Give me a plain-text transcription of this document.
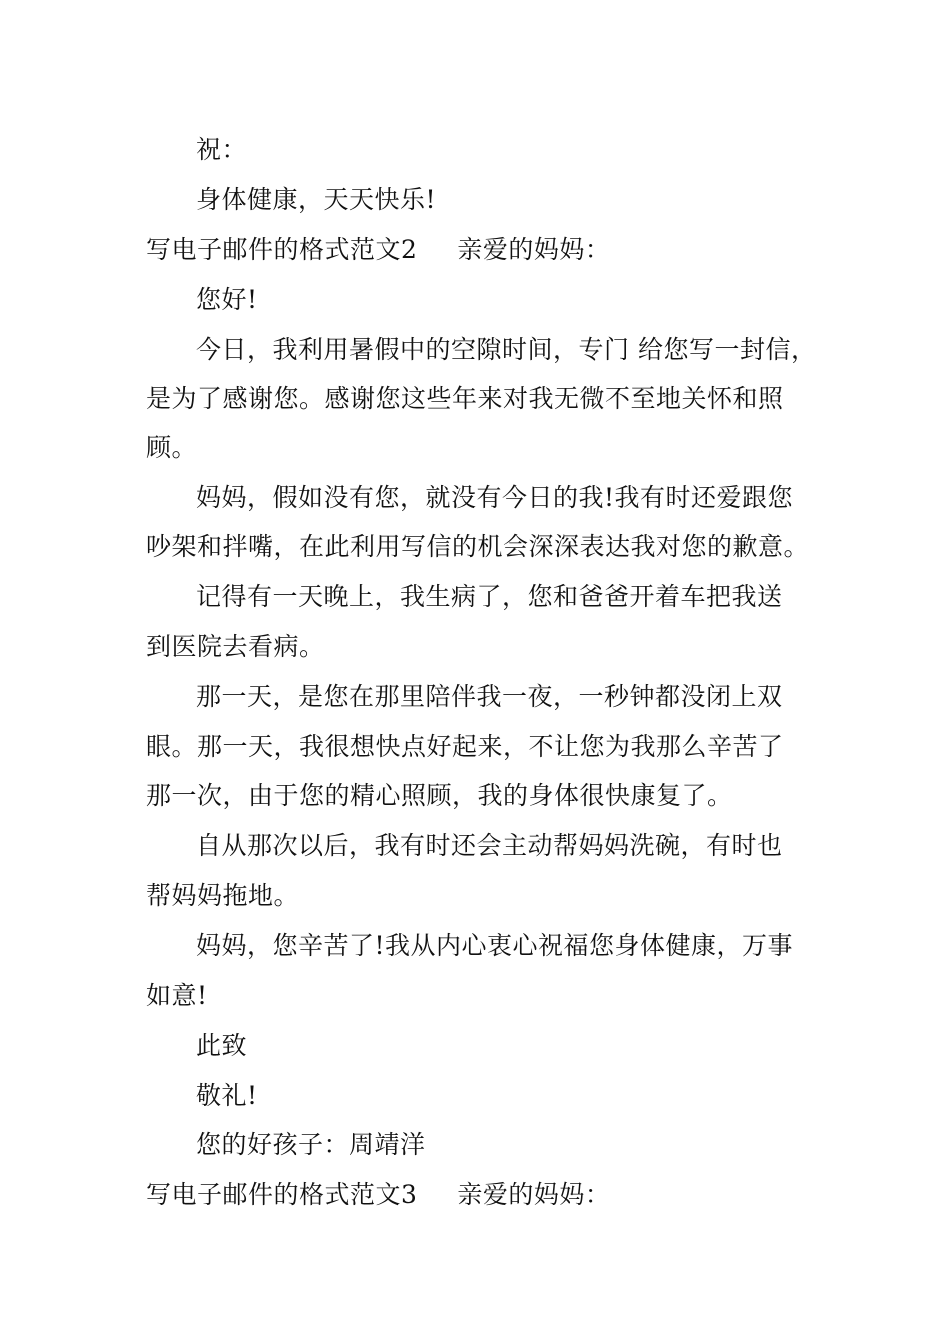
祝：
身体健康，天天快乐!
写电子邮件的格式范文2 亲爱的妈妈：
您好!
今日，我利用暑假中的空隙时间，专门 给您写一封信，
是为了感谢您。感谢您这些年来对我无微不至地关怀和照
顾。
妈妈，假如没有您，就没有今日的我!我有时还爱跟您
吵架和拌嘴，在此利用写信的机会深深表达我对您的歉意。
记得有一天晚上，我生病了，您和爸爸开着车把我送
到医院去看病。
那一天，是您在那里陪伴我一夜，一秒钟都没闭上双
眼。那一天，我很想快点好起来，不让您为我那么辛苦了
那一次，由于您的精心照顾，我的身体很快康复了。
自从那次以后，我有时还会主动帮妈妈洗碗，有时也
帮妈妈拖地。
妈妈，您辛苦了!我从内心衷心祝福您身体健康，万事
如意!
此致
敬礼!
您的好孩子：周靖洋
写电子邮件的格式范文3 亲爱的妈妈：
